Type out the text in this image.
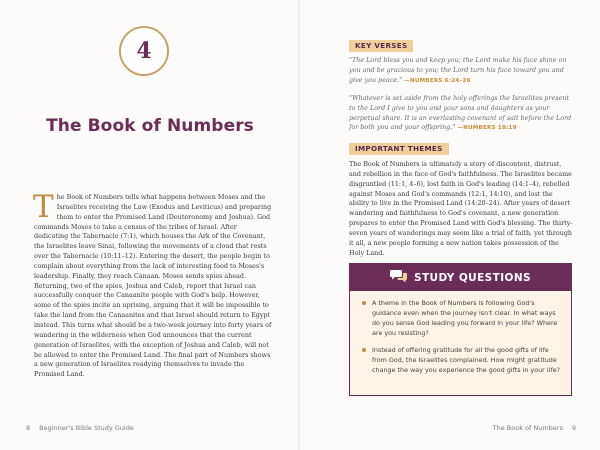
4
The Book of Numbers

The Book of Numbers tells what happens between Moses and the Israelites receiving the Law (Exodus and Leviticus) and preparing them to enter the Promised Land (Deuteronomy and Joshua). God commands Moses to take a census of the tribes of Israel. After dedicating the Tabernacle (7:1), which houses the Ark of the Covenant, the Israelites leave Sinai, following the movements of a cloud that rests over the Tabernacle (10:11–12). Entering the desert, the people begin to complain about everything from the lack of interesting food to Moses's leadership. Finally, they reach Canaan. Moses sends spies ahead. Returning, two of the spies, Joshua and Caleb, report that Israel can successfully conquer the Canaanite people with God's help. However, some of the spies incite an uprising, arguing that it will be impossible to take the land from the Canaanites and that Israel should return to Egypt instead. This turns what should be a two-week journey into forty years of wandering in the wilderness when God announces that the current generation of Israelites, with the exception of Joshua and Caleb, will not be allowed to enter the Promised Land. The final part of Numbers shows a new generation of Israelites readying themselves to invade the Promised Land.

8 Beginner's Bible Study Guide
KEY VERSES

"The Lord bless you and keep you; the Lord make his face shine on you and be gracious to you; the Lord turn his face toward you and give you peace." —NUMBERS 6:24–26

"Whatever is set aside from the holy offerings the Israelites present to the Lord I give to you and your sons and daughters as your perpetual share. It is an everlasting covenant of salt before the Lord for both you and your offspring." —NUMBERS 18:19

IMPORTANT THEMES

The Book of Numbers is ultimately a story of discontent, distrust, and rebellion in the face of God's faithfulness. The Israelites became disgruntled (11:1, 4–6), lost faith in God's leading (14:1–4), rebelled against Moses and God's commands (12:1, 14:10), and lost the ability to live in the Promised Land (14:20–24). After years of desert wandering and faithfulness to God's covenant, a new generation prepares to enter the Promised Land with God's blessing. The thirty-seven years of wanderings may seem like a trial of faith, yet through it all, a new people forming a new nation takes possession of the Holy Land.

STUDY QUESTIONS
A theme in the Book of Numbers is following God's guidance even when the journey isn't clear. In what ways do you sense God leading you forward in your life? Where are you resisting?
Instead of offering gratitude for all the good gifts of life from God, the Israelites complained. How might gratitude change the way you experience the good gifts in your life?
The Book of Numbers 9
